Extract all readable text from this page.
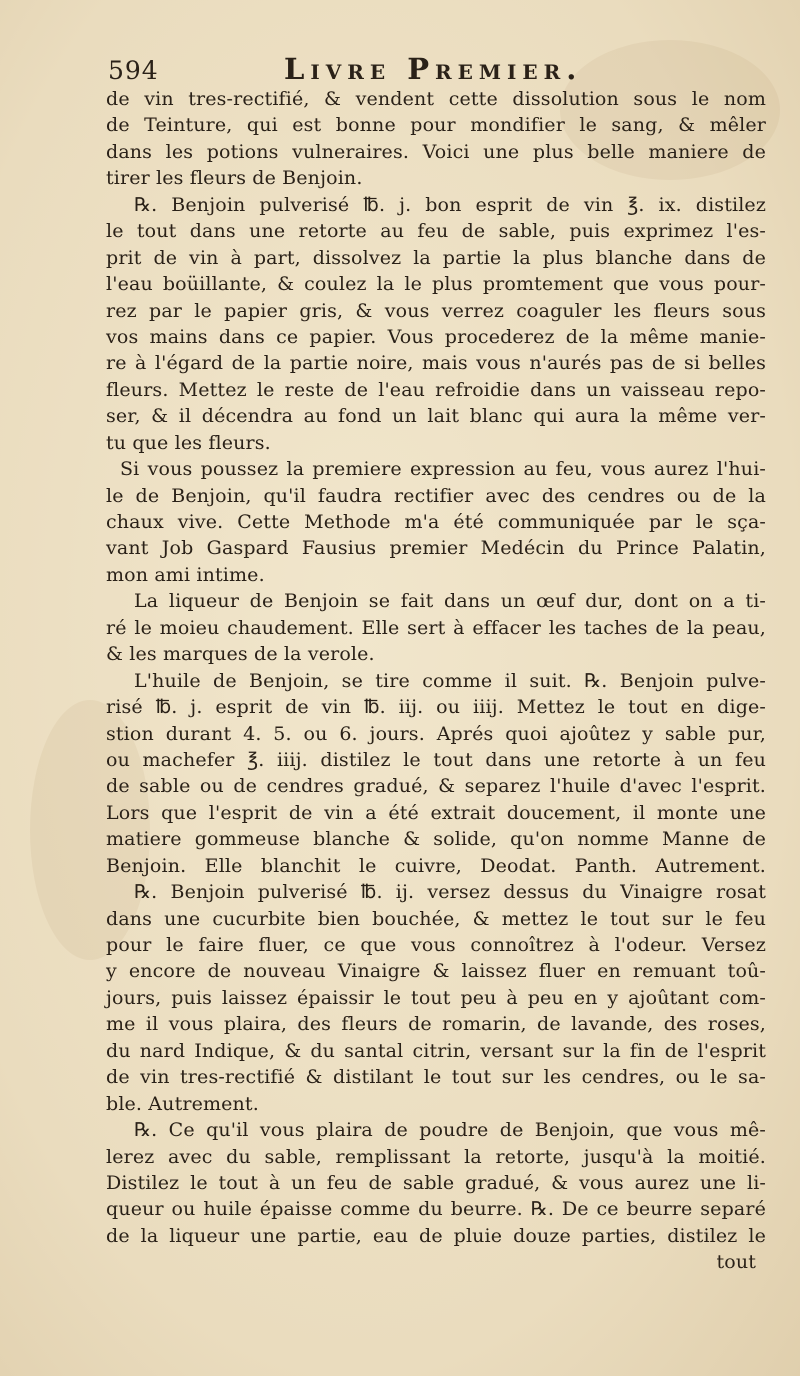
594	Livre Premier.
de vin tres-rectifié, & vendent cette dissolution sous le nom
de Teinture, qui est bonne pour mondifier le sang, & mêler
dans les potions vulneraires. Voici une plus belle maniere de
tirer les fleurs de Benjoin.
℞. Benjoin pulverisé ℔. j. bon esprit de vin ℥. ix. distilez
le tout dans une retorte au feu de sable, puis exprimez l'es-
prit de vin à part, dissolvez la partie la plus blanche dans de
l'eau boüillante, & coulez la le plus promtement que vous pour-
rez par le papier gris, & vous verrez coaguler les fleurs sous
vos mains dans ce papier. Vous procederez de la même manie-
re à l'égard de la partie noire, mais vous n'aurés pas de si belles
fleurs. Mettez le reste de l'eau refroidie dans un vaisseau repo-
ser, & il décendra au fond un lait blanc qui aura la même ver-
tu que les fleurs.
Si vous poussez la premiere expression au feu, vous aurez l'hui-
le de Benjoin, qu'il faudra rectifier avec des cendres ou de la
chaux vive. Cette Methode m'a été communiquée par le sça-
vant Job Gaspard Fausius premier Medécin du Prince Palatin,
mon ami intime.
La liqueur de Benjoin se fait dans un œuf dur, dont on a ti-
ré le moieu chaudement. Elle sert à effacer les taches de la peau,
& les marques de la verole.
L'huile de Benjoin, se tire comme il suit. ℞. Benjoin pulve-
risé ℔. j. esprit de vin ℔. iij. ou iiij. Mettez le tout en dige-
stion durant 4. 5. ou 6. jours. Aprés quoi ajoûtez y sable pur,
ou machefer ℥. iiij. distilez le tout dans une retorte à un feu
de sable ou de cendres gradué, & separez l'huile d'avec l'esprit.
Lors que l'esprit de vin a été extrait doucement, il monte une
matiere gommeuse blanche & solide, qu'on nomme Manne de
Benjoin. Elle blanchit le cuivre, Deodat. Panth. Autrement.
℞. Benjoin pulverisé ℔. ij. versez dessus du Vinaigre rosat
dans une cucurbite bien bouchée, & mettez le tout sur le feu
pour le faire fluer, ce que vous connoîtrez à l'odeur. Versez
y encore de nouveau Vinaigre & laissez fluer en remuant toû-
jours, puis laissez épaissir le tout peu à peu en y ajoûtant com-
me il vous plaira, des fleurs de romarin, de lavande, des roses,
du nard Indique, & du santal citrin, versant sur la fin de l'esprit
de vin tres-rectifié & distilant le tout sur les cendres, ou le sa-
ble. Autrement.
℞. Ce qu'il vous plaira de poudre de Benjoin, que vous mê-
lerez avec du sable, remplissant la retorte, jusqu'à la moitié.
Distilez le tout à un feu de sable gradué, & vous aurez une li-
queur ou huile épaisse comme du beurre. ℞. De ce beurre separé
de la liqueur une partie, eau de pluie douze parties, distilez le
tout
